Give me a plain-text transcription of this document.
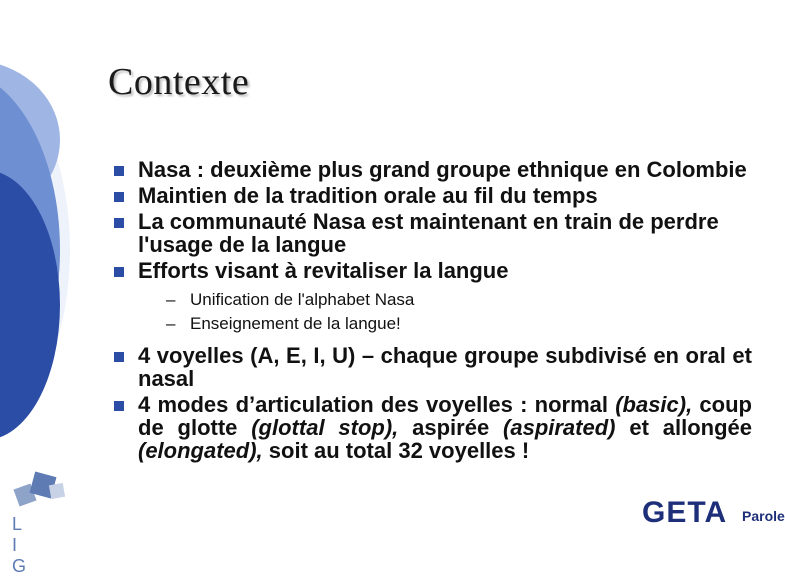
Contexte
Nasa : deuxième plus grand groupe ethnique en Colombie
Maintien de la tradition orale au fil du temps
La communauté Nasa est maintenant en train de perdre l'usage de la langue
Efforts visant à revitaliser la langue
– Unification de l'alphabet Nasa
– Enseignement de la langue!
4 voyelles (A, E, I, U) – chaque groupe subdivisé en oral et nasal
4 modes d’articulation des voyelles : normal (basic), coup de glotte (glottal stop), aspirée (aspirated) et allongée (elongated), soit au total 32 voyelles !
L I G
GETA Parole
